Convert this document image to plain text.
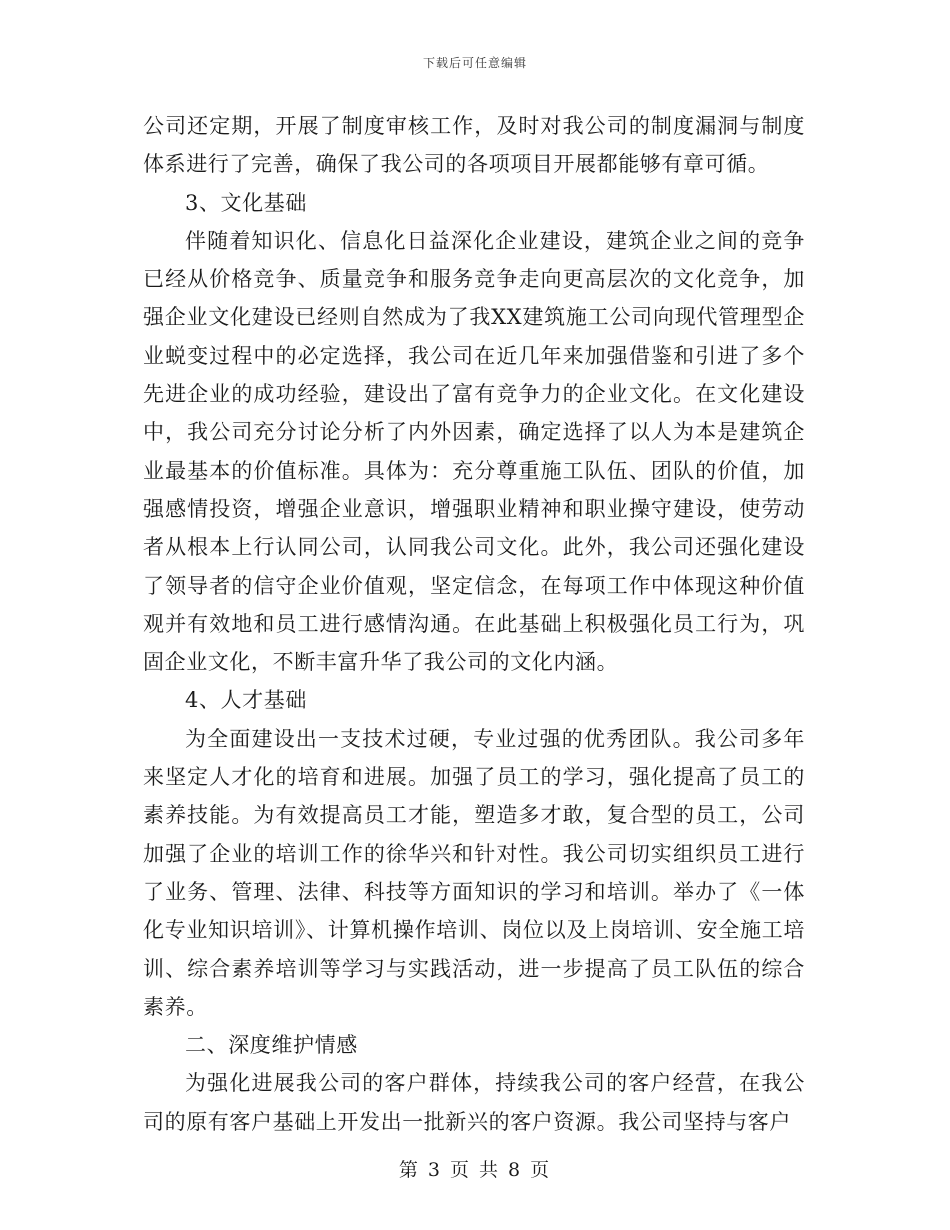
下载后可任意编辑

公司还定期，开展了制度审核工作，及时对我公司的制度漏洞与制度体系进行了完善，确保了我公司的各项项目开展都能够有章可循。

3、文化基础

伴随着知识化、信息化日益深化企业建设，建筑企业之间的竞争已经从价格竞争、质量竞争和服务竞争走向更高层次的文化竞争，加强企业文化建设已经则自然成为了我XX建筑施工公司向现代管理型企业蜕变过程中的必定选择，我公司在近几年来加强借鉴和引进了多个先进企业的成功经验，建设出了富有竞争力的企业文化。在文化建设中，我公司充分讨论分析了内外因素，确定选择了以人为本是建筑企业最基本的价值标准。具体为：充分尊重施工队伍、团队的价值，加强感情投资，增强企业意识，增强职业精神和职业操守建设，使劳动者从根本上行认同公司，认同我公司文化。此外，我公司还强化建设了领导者的信守企业价值观，坚定信念，在每项工作中体现这种价值观并有效地和员工进行感情沟通。在此基础上积极强化员工行为，巩固企业文化，不断丰富升华了我公司的文化内涵。

4、人才基础

为全面建设出一支技术过硬，专业过强的优秀团队。我公司多年来坚定人才化的培育和进展。加强了员工的学习，强化提高了员工的素养技能。为有效提高员工才能，塑造多才敢，复合型的员工，公司加强了企业的培训工作的徐华兴和针对性。我公司切实组织员工进行了业务、管理、法律、科技等方面知识的学习和培训。举办了《一体化专业知识培训》、计算机操作培训、岗位以及上岗培训、安全施工培训、综合素养培训等学习与实践活动，进一步提高了员工队伍的综合素养。

二、深度维护情感

为强化进展我公司的客户群体，持续我公司的客户经营，在我公司的原有客户基础上开发出一批新兴的客户资源。我公司坚持与客户

第 3 页 共 8 页
